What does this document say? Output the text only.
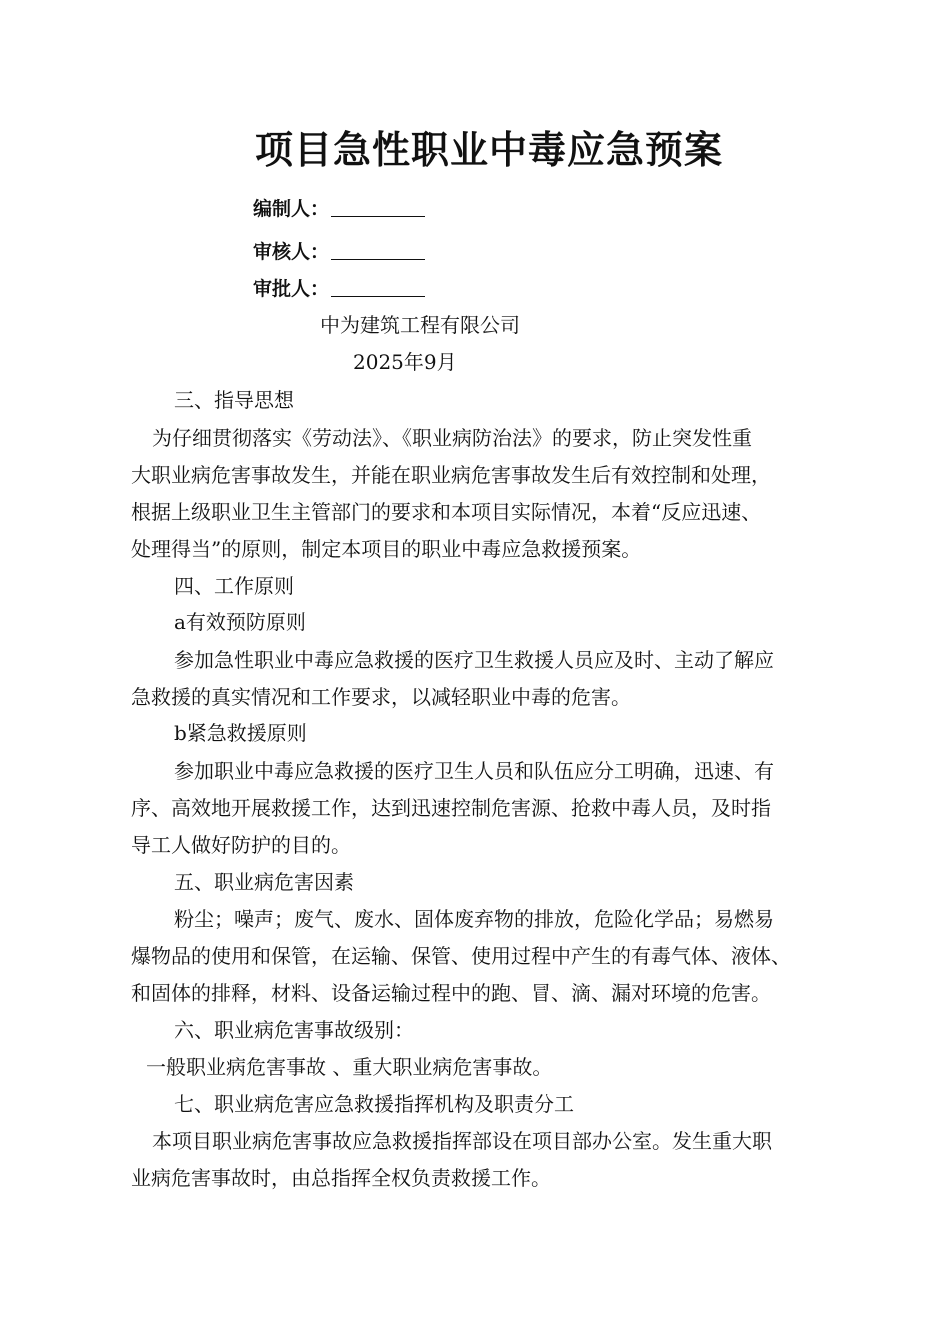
项目急性职业中毒应急预案
编制人：
审核人：
审批人：
中为建筑工程有限公司
2025年9月
三、指导思想
为仔细贯彻落实《劳动法》、《职业病防治法》的要求，防止突发性重
大职业病危害事故发生，并能在职业病危害事故发生后有效控制和处理，
根据上级职业卫生主管部门的要求和本项目实际情况，本着“反应迅速、
处理得当”的原则，制定本项目的职业中毒应急救援预案。
四、工作原则
a有效预防原则
参加急性职业中毒应急救援的医疗卫生救援人员应及时、主动了解应
急救援的真实情况和工作要求，以减轻职业中毒的危害。
b紧急救援原则
参加职业中毒应急救援的医疗卫生人员和队伍应分工明确，迅速、有
序、高效地开展救援工作，达到迅速控制危害源、抢救中毒人员，及时指
导工人做好防护的目的。
五、职业病危害因素
粉尘；噪声；废气、废水、固体废弃物的排放，危险化学品；易燃易
爆物品的使用和保管，在运输、保管、使用过程中产生的有毒气体、液体、
和固体的排释，材料、设备运输过程中的跑、冒、滴、漏对环境的危害。
六、职业病危害事故级别：
一般职业病危害事故 、重大职业病危害事故。
七、职业病危害应急救援指挥机构及职责分工
本项目职业病危害事故应急救援指挥部设在项目部办公室。发生重大职
业病危害事故时，由总指挥全权负责救援工作。
